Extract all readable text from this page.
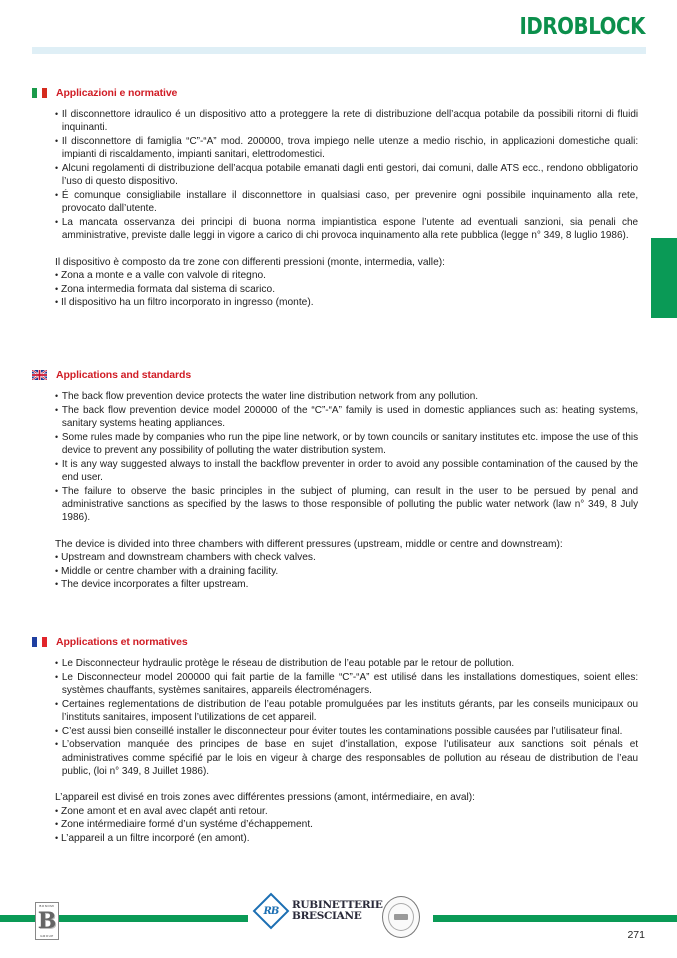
IDROBLOCK
Applicazioni e normative
• Il disconnettore idraulico é un dispositivo atto a proteggere la rete di distribuzione dell’acqua potabile da possibili ritorni di fluidi inquinanti.
• Il disconnettore di famiglia “C”-“A” mod. 200000, trova impiego nelle utenze a medio rischio, in applicazioni domestiche quali: impianti di riscaldamento, impianti sanitari, elettrodomestici.
• Alcuni regolamenti di distribuzione dell’acqua potabile emanati dagli enti gestori, dai comuni, dalle ATS ecc., rendono obbligatorio l’uso di questo dispositivo.
• É comunque consigliabile installare il disconnettore in qualsiasi caso, per prevenire ogni possibile inquinamento alla rete, provocato dall’utente.
• La mancata osservanza dei principi di buona norma impiantistica espone l’utente ad eventuali sanzioni, sia penali che amministrative, previste dalle leggi in vigore a carico di chi provoca inquinamento alla rete pubblica (legge n° 349, 8 luglio 1986).
Il dispositivo è composto da tre zone con differenti pressioni (monte, intermedia, valle):
• Zona a monte e a valle con valvole di ritegno.
• Zona intermedia formata dal sistema di scarico.
• Il dispositivo ha un filtro incorporato in ingresso (monte).
Applications and standards
• The back flow prevention device protects the water line distribution network from any pollution.
• The back flow prevention device model 200000 of the “C”-“A” family is used in domestic appliances such as: heating systems, sanitary systems heating appliances.
• Some rules made by companies who run the pipe line network, or by town councils or sanitary institutes etc. impose the use of this device to prevent any possibility of polluting the water distribution system.
• It is any way suggested always to install the backflow preventer in order to avoid any possible contamination of the caused by the end user.
• The failure to observe the basic principles in the subject of pluming, can result in the user to be persued by penal and administrative sanctions as specified by the lasws to those responsible of polluting the public water network (law n° 349, 8 July 1986).
The device is divided into three chambers with different pressures (upstream, middle or centre and downstream):
• Upstream and downstream chambers with check valves.
• Middle or centre chamber with a draining facility.
• The device incorporates a filter upstream.
Applications et normatives
• Le Disconnecteur hydraulic protège le réseau de distribution de l’eau potable par le retour de pollution.
• Le Disconnecteur model 200000 qui fait partie de la famille “C”-“A” est utilisé dans les installations domestiques, soient elles: systèmes chauffants, systèmes sanitaires, appareils électroménagers.
• Certaines reglementations de distribution de l’eau potable promulguées par les instituts gérants, par les conseils municipaux ou l’instituts sanitaires, imposent l’utilizations de cet appareil.
• C’est aussi bien conseillé installer le disconnecteur pour éviter toutes les contaminations possible causées par l’utilisateur final.
• L’observation manquée des principes de base en sujet d’installation, expose l’utilisateur aux sanctions soit pénals et administratives comme spécifié par le lois en vigeur à charge des responsables de pollution au réseau de distribution de l’eau public, (loi n° 349, 8 Juillet 1986).
L’appareil est divisé en trois zones avec différentes pressions (amont, intérmediaire, en aval):
• Zone amont et en aval avec clapét anti retour.
• Zone intérmediaire formé d’un systéme d’échappement.
• L’appareil a un filtre incorporé (en amont).
BONOMI
B
GROUP
RB RUBINETTERIE
BRESCIANE
271
